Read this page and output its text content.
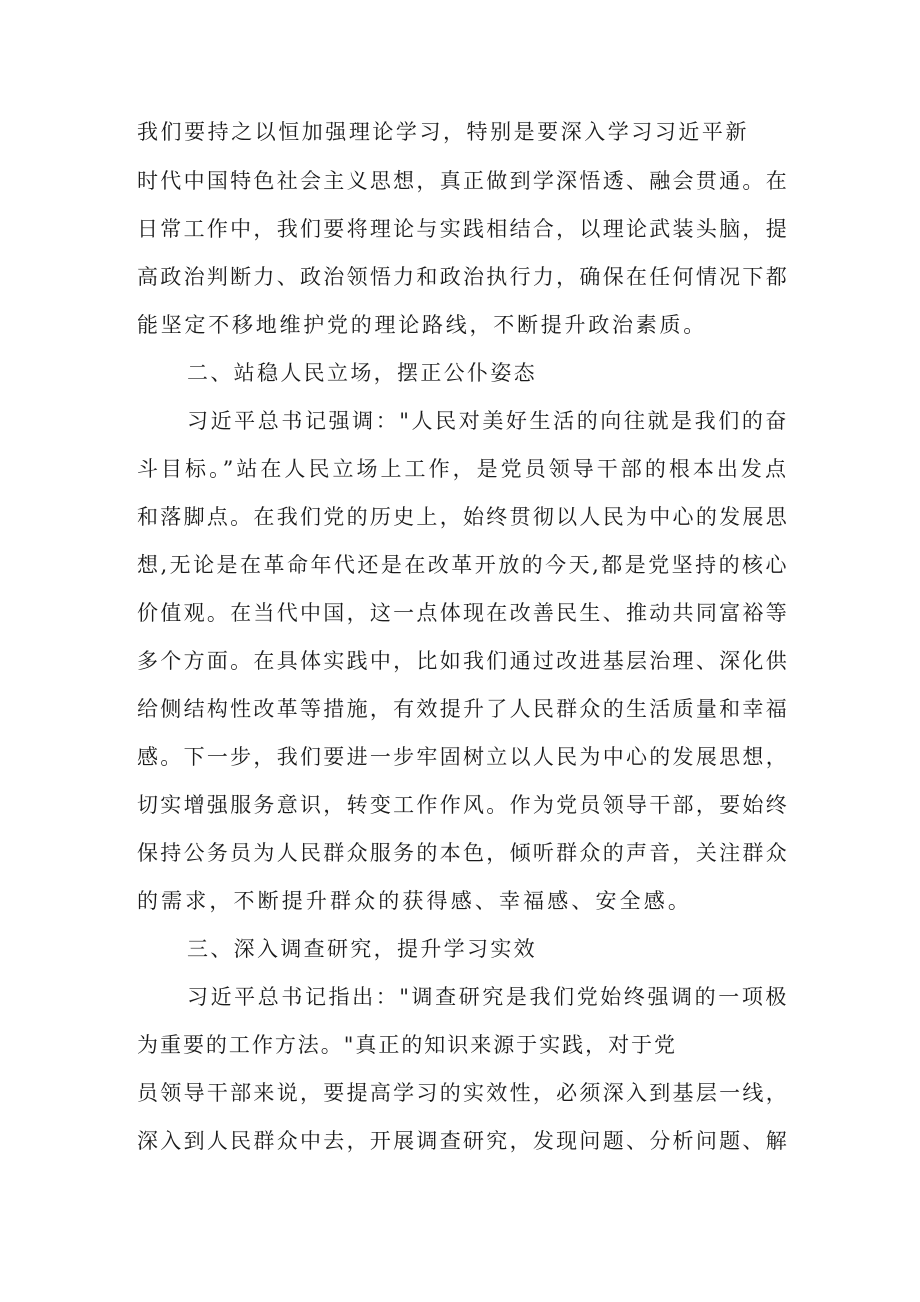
我们要持之以恒加强理论学习，特别是要深入学习习近平新
时代中国特色社会主义思想，真正做到学深悟透、融会贯通。在
日常工作中，我们要将理论与实践相结合，以理论武装头脑，提
高政治判断力、政治领悟力和政治执行力，确保在任何情况下都
能坚定不移地维护党的理论路线，不断提升政治素质。
二、站稳人民立场，摆正公仆姿态
习近平总书记强调："人民对美好生活的向往就是我们的奋
斗目标。”站在人民立场上工作，是党员领导干部的根本出发点
和落脚点。在我们党的历史上，始终贯彻以人民为中心的发展思
想,无论是在革命年代还是在改革开放的今天,都是党坚持的核心
价值观。在当代中国，这一点体现在改善民生、推动共同富裕等
多个方面。在具体实践中，比如我们通过改进基层治理、深化供
给侧结构性改革等措施，有效提升了人民群众的生活质量和幸福
感。下一步，我们要进一步牢固树立以人民为中心的发展思想，
切实增强服务意识，转变工作作风。作为党员领导干部，要始终
保持公务员为人民群众服务的本色，倾听群众的声音，关注群众
的需求，不断提升群众的获得感、幸福感、安全感。
三、深入调查研究，提升学习实效
习近平总书记指出："调查研究是我们党始终强调的一项极
为重要的工作方法。"真正的知识来源于实践，对于党
员领导干部来说，要提高学习的实效性，必须深入到基层一线，
深入到人民群众中去，开展调查研究，发现问题、分析问题、解
